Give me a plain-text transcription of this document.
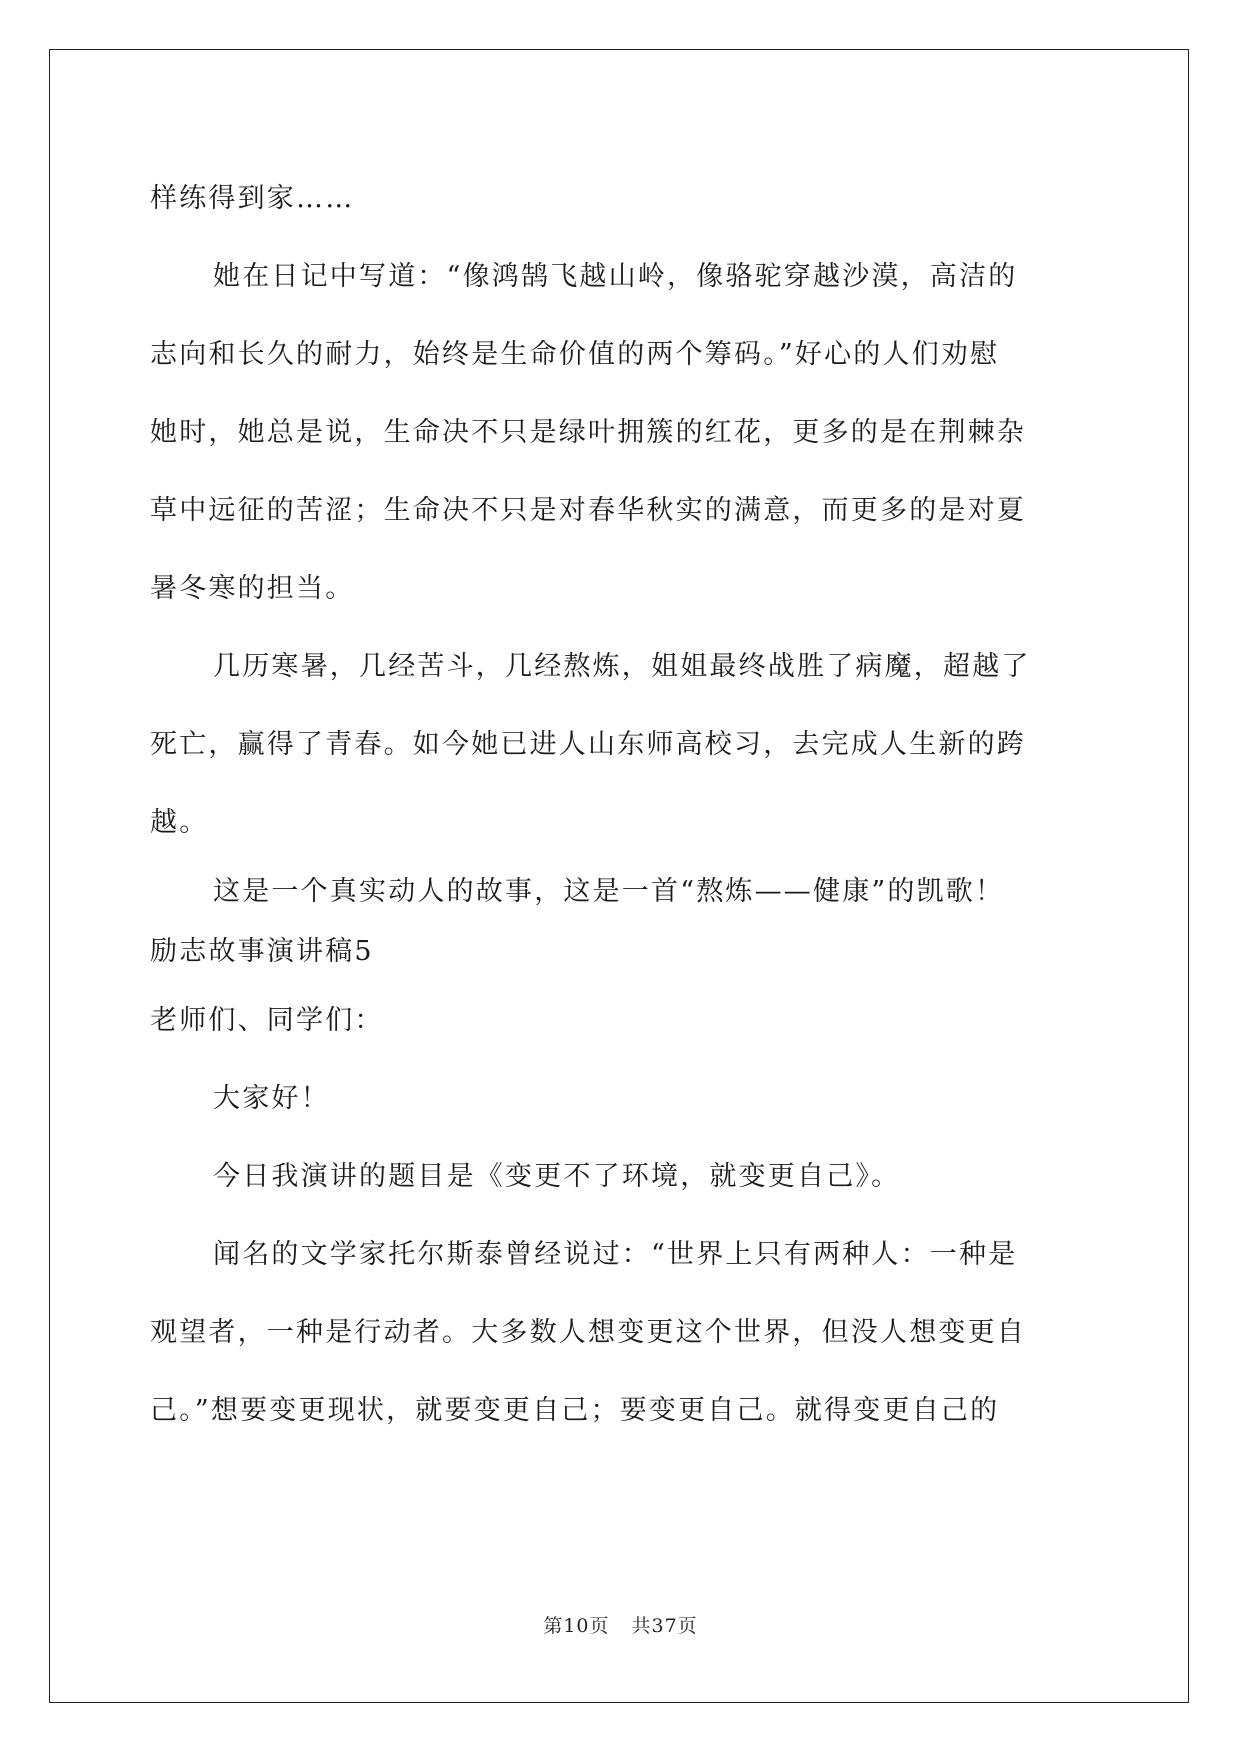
样练得到家……
她在日记中写道：“像鸿鹄飞越山岭，像骆驼穿越沙漠，高洁的
志向和长久的耐力，始终是生命价值的两个筹码。”好心的人们劝慰
她时，她总是说，生命决不只是绿叶拥簇的红花，更多的是在荆棘杂
草中远征的苦涩；生命决不只是对春华秋实的满意，而更多的是对夏
暑冬寒的担当。
几历寒暑，几经苦斗，几经熬炼，姐姐最终战胜了病魔，超越了
死亡，赢得了青春。如今她已进人山东师高校习，去完成人生新的跨
越。
这是一个真实动人的故事，这是一首“熬炼——健康”的凯歌！
励志故事演讲稿5
老师们、同学们：
大家好！
今日我演讲的题目是《变更不了环境，就变更自己》。
闻名的文学家托尔斯泰曾经说过：“世界上只有两种人：一种是
观望者，一种是行动者。大多数人想变更这个世界，但没人想变更自
己。”想要变更现状，就要变更自己；要变更自己。就得变更自己的
第10页 共37页
